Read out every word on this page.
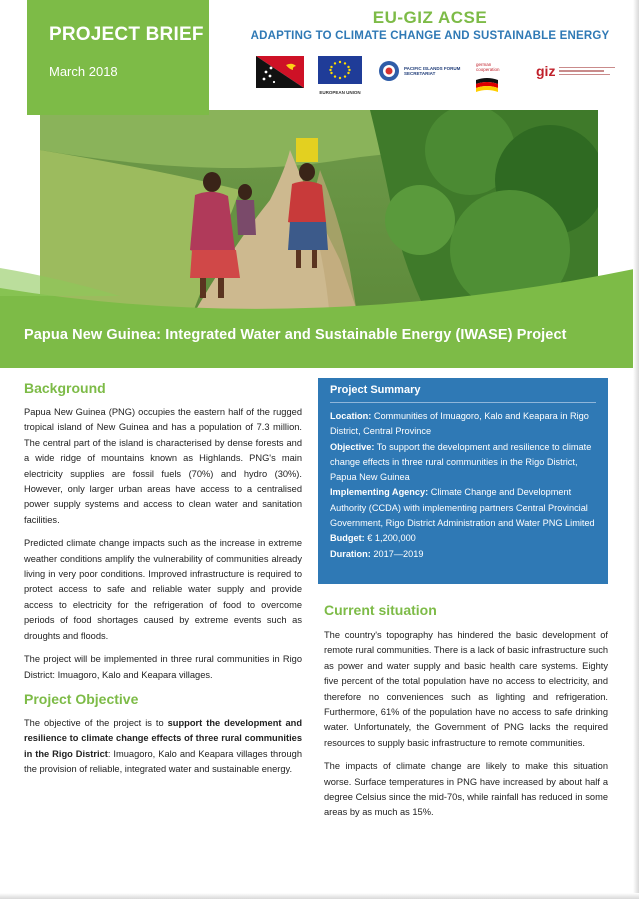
PROJECT BRIEF
March 2018
EU-GIZ ACSE
ADAPTING TO CLIMATE CHANGE AND SUSTAINABLE ENERGY
EUROPEAN UNION
PACIFIC ISLANDS FORUM SECRETARIAT
german cooperation	giz
Papua New Guinea: Integrated Water and Sustainable Energy (IWASE) Project
Background

Papua New Guinea (PNG) occupies the eastern half of the rugged tropical island of New Guinea and has a population of 7.3 million. The central part of the island is characterised by dense forests and a wide ridge of mountains known as Highlands. PNG's main electricity supplies are fossil fuels (70%) and hydro (30%). However, only larger urban areas have access to a centralised power supply systems and access to clean water and sanitation facilities.

Predicted climate change impacts such as the increase in extreme weather conditions amplify the vulnerability of communities already living in very poor conditions. Improved infrastructure is required to protect access to safe and reliable water supply and provide access to electricity for the refrigeration of food to overcome periods of food shortages caused by extreme events such as droughts and floods.

The project will be implemented in three rural communities in Rigo District: Imuagoro, Kalo and Keapara villages.

Project Objective

The objective of the project is to support the development and resilience to climate change effects of three rural communities in the Rigo District: Imuagoro, Kalo and Keapara villages through the provision of reliable, integrated water and sustainable energy.

Project Summary

Location: Communities of Imuagoro, Kalo and Keapara in Rigo District, Central Province

Objective: To support the development and resilience to climate change effects in three rural communities in the Rigo District, Papua New Guinea

Implementing Agency: Climate Change and Development Authority (CCDA) with implementing partners Central Provincial Government, Rigo District Administration and Water PNG Limited

Budget: € 1,200,000

Duration: 2017—2019

Current situation

The country's topography has hindered the basic development of remote rural communities. There is a lack of basic infrastructure such as power and water supply and basic health care systems. Eighty five percent of the total population have no access to electricity, and therefore no conveniences such as lighting and refrigeration. Furthermore, 61% of the population have no access to safe drinking water. Unfortunately, the Government of PNG lacks the required resources to supply basic infrastructure to remote communities.

The impacts of climate change are likely to make this situation worse. Surface temperatures in PNG have increased by about half a degree Celsius since the mid-70s, while rainfall has reduced in some areas by as much as 15%.
